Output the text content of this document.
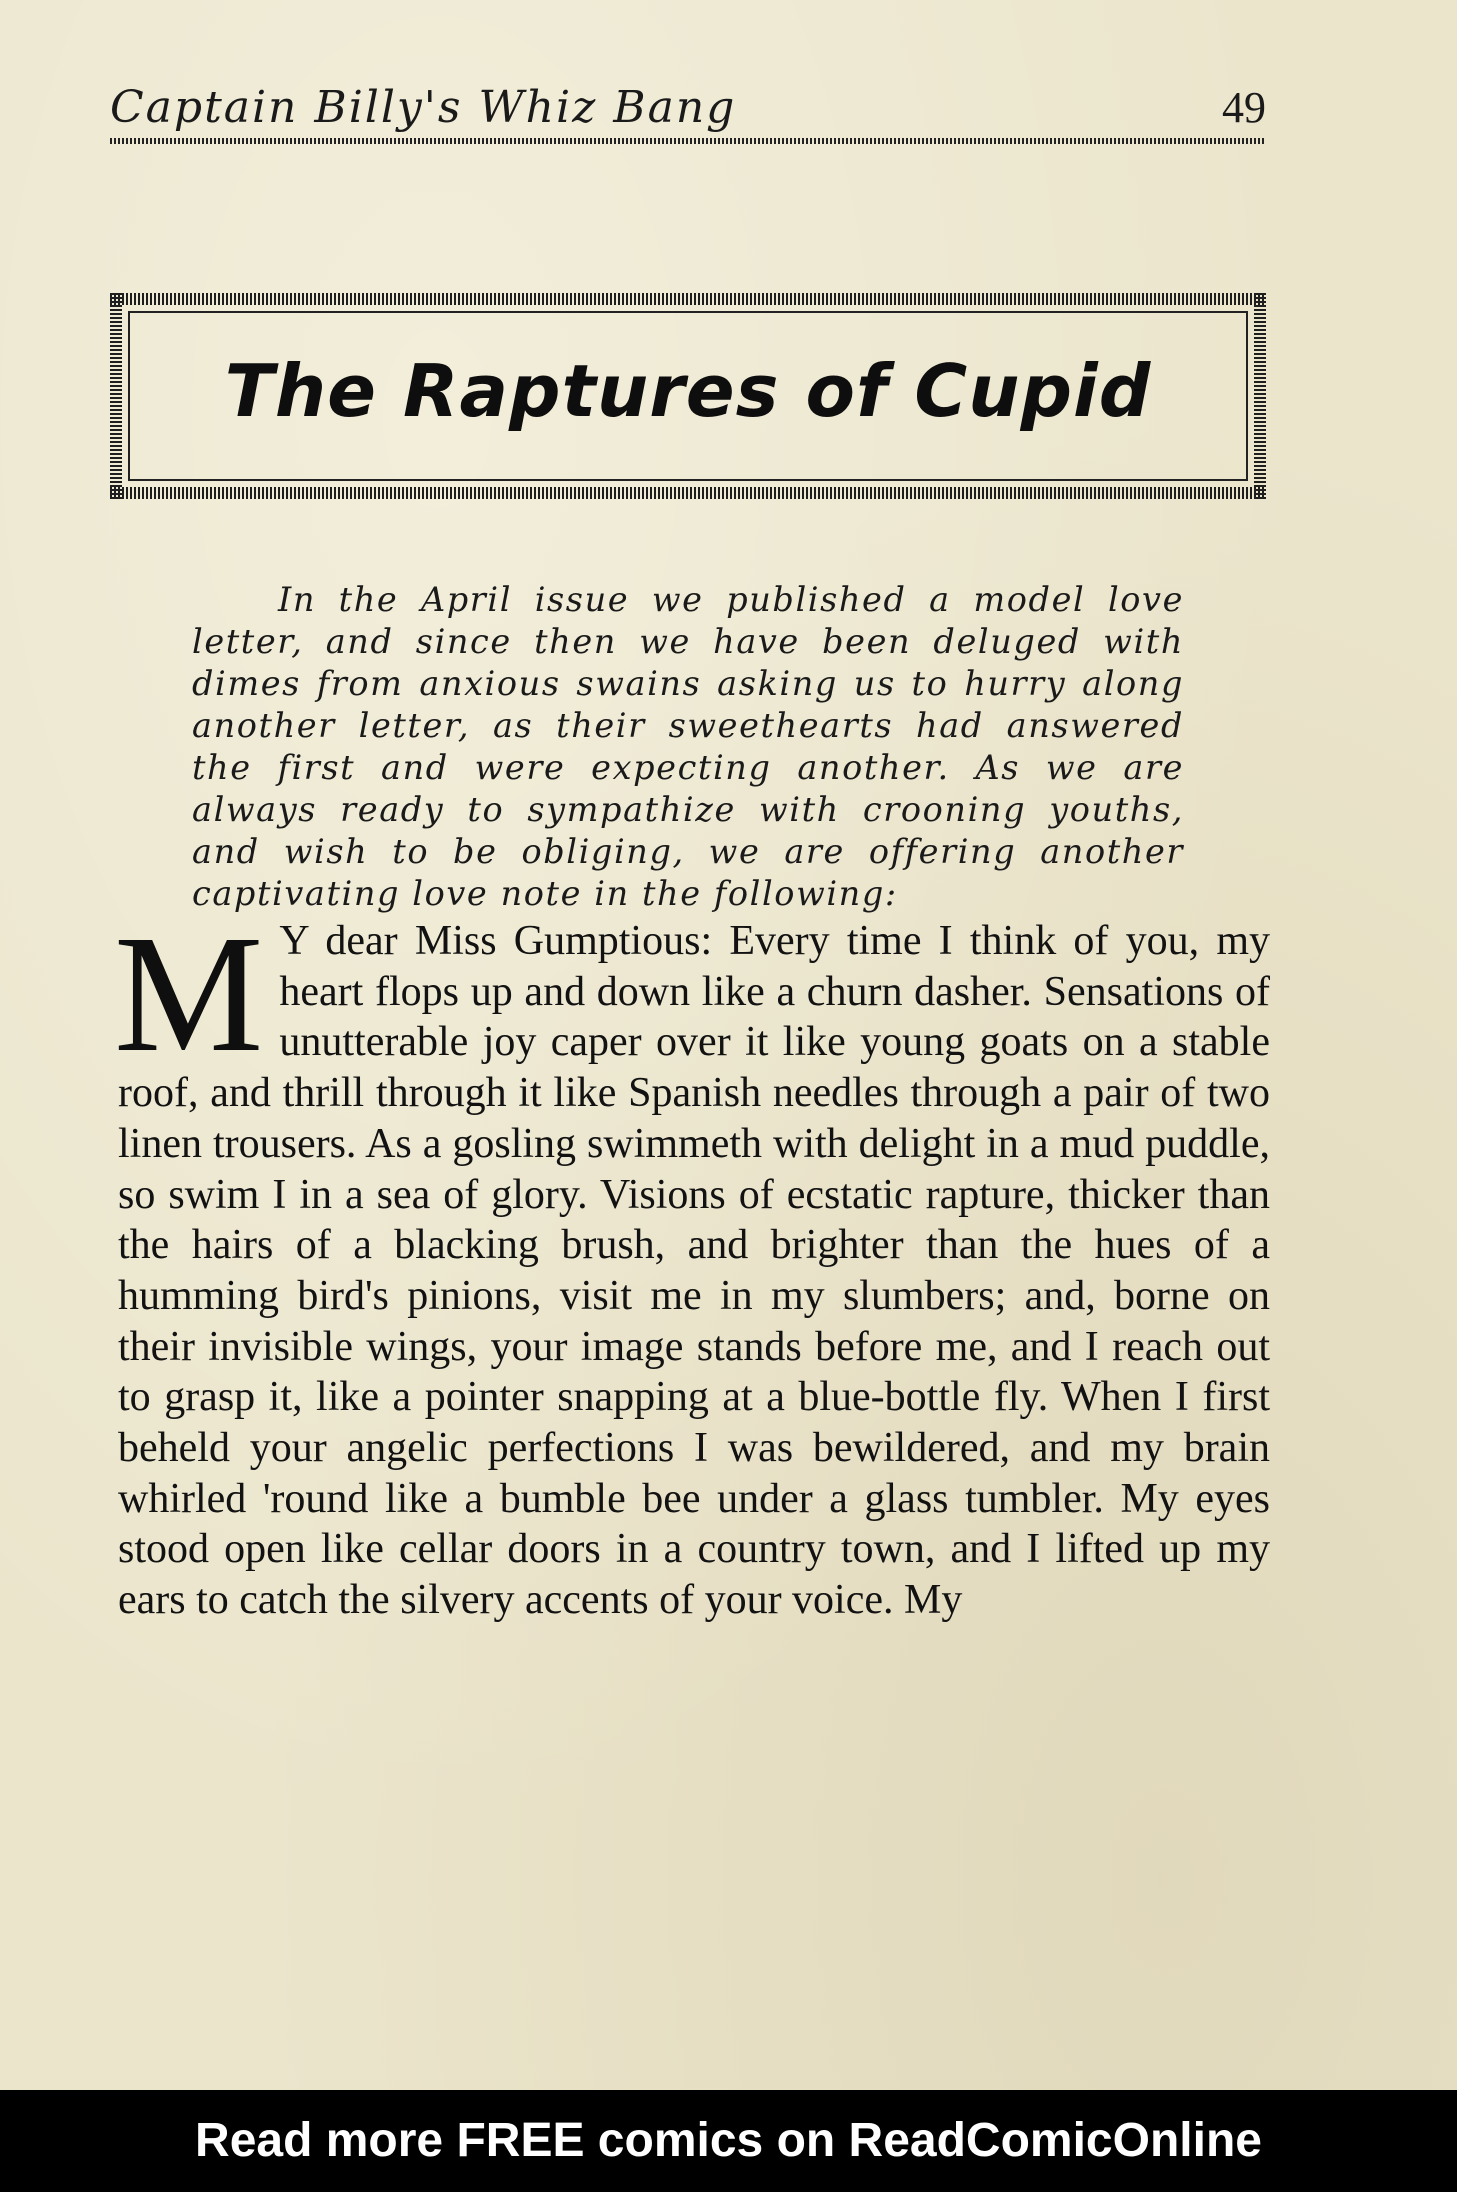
Captain Billy's Whiz Bang	49
The Raptures of Cupid

In the April issue we published a model love letter, and since then we have been deluged with dimes from anxious swains asking us to hurry along another letter, as their sweethearts had answered the first and were expecting another. As we are always ready to sympathize with crooning youths, and wish to be obliging, we are offering another captivating love note in the following:

M Y dear Miss Gumptious: Every time I think of you, my heart flops up and down like a churn dasher. Sensations of unutterable joy caper over it like young goats on a stable roof, and thrill through it like Spanish needles through a pair of two linen trousers. As a gosling swimmeth with delight in a mud puddle, so swim I in a sea of glory. Visions of ecstatic rapture, thicker than the hairs of a blacking brush, and brighter than the hues of a humming bird's pinions, visit me in my slumbers; and, borne on their invisible wings, your image stands before me, and I reach out to grasp it, like a pointer snapping at a blue-bottle fly. When I first beheld your angelic perfections I was bewildered, and my brain whirled 'round like a bumble bee under a glass tumbler. My eyes stood open like cellar doors in a country town, and I lifted up my ears to catch the silvery accents of your voice. My
Read more FREE comics on ReadComicOnline
